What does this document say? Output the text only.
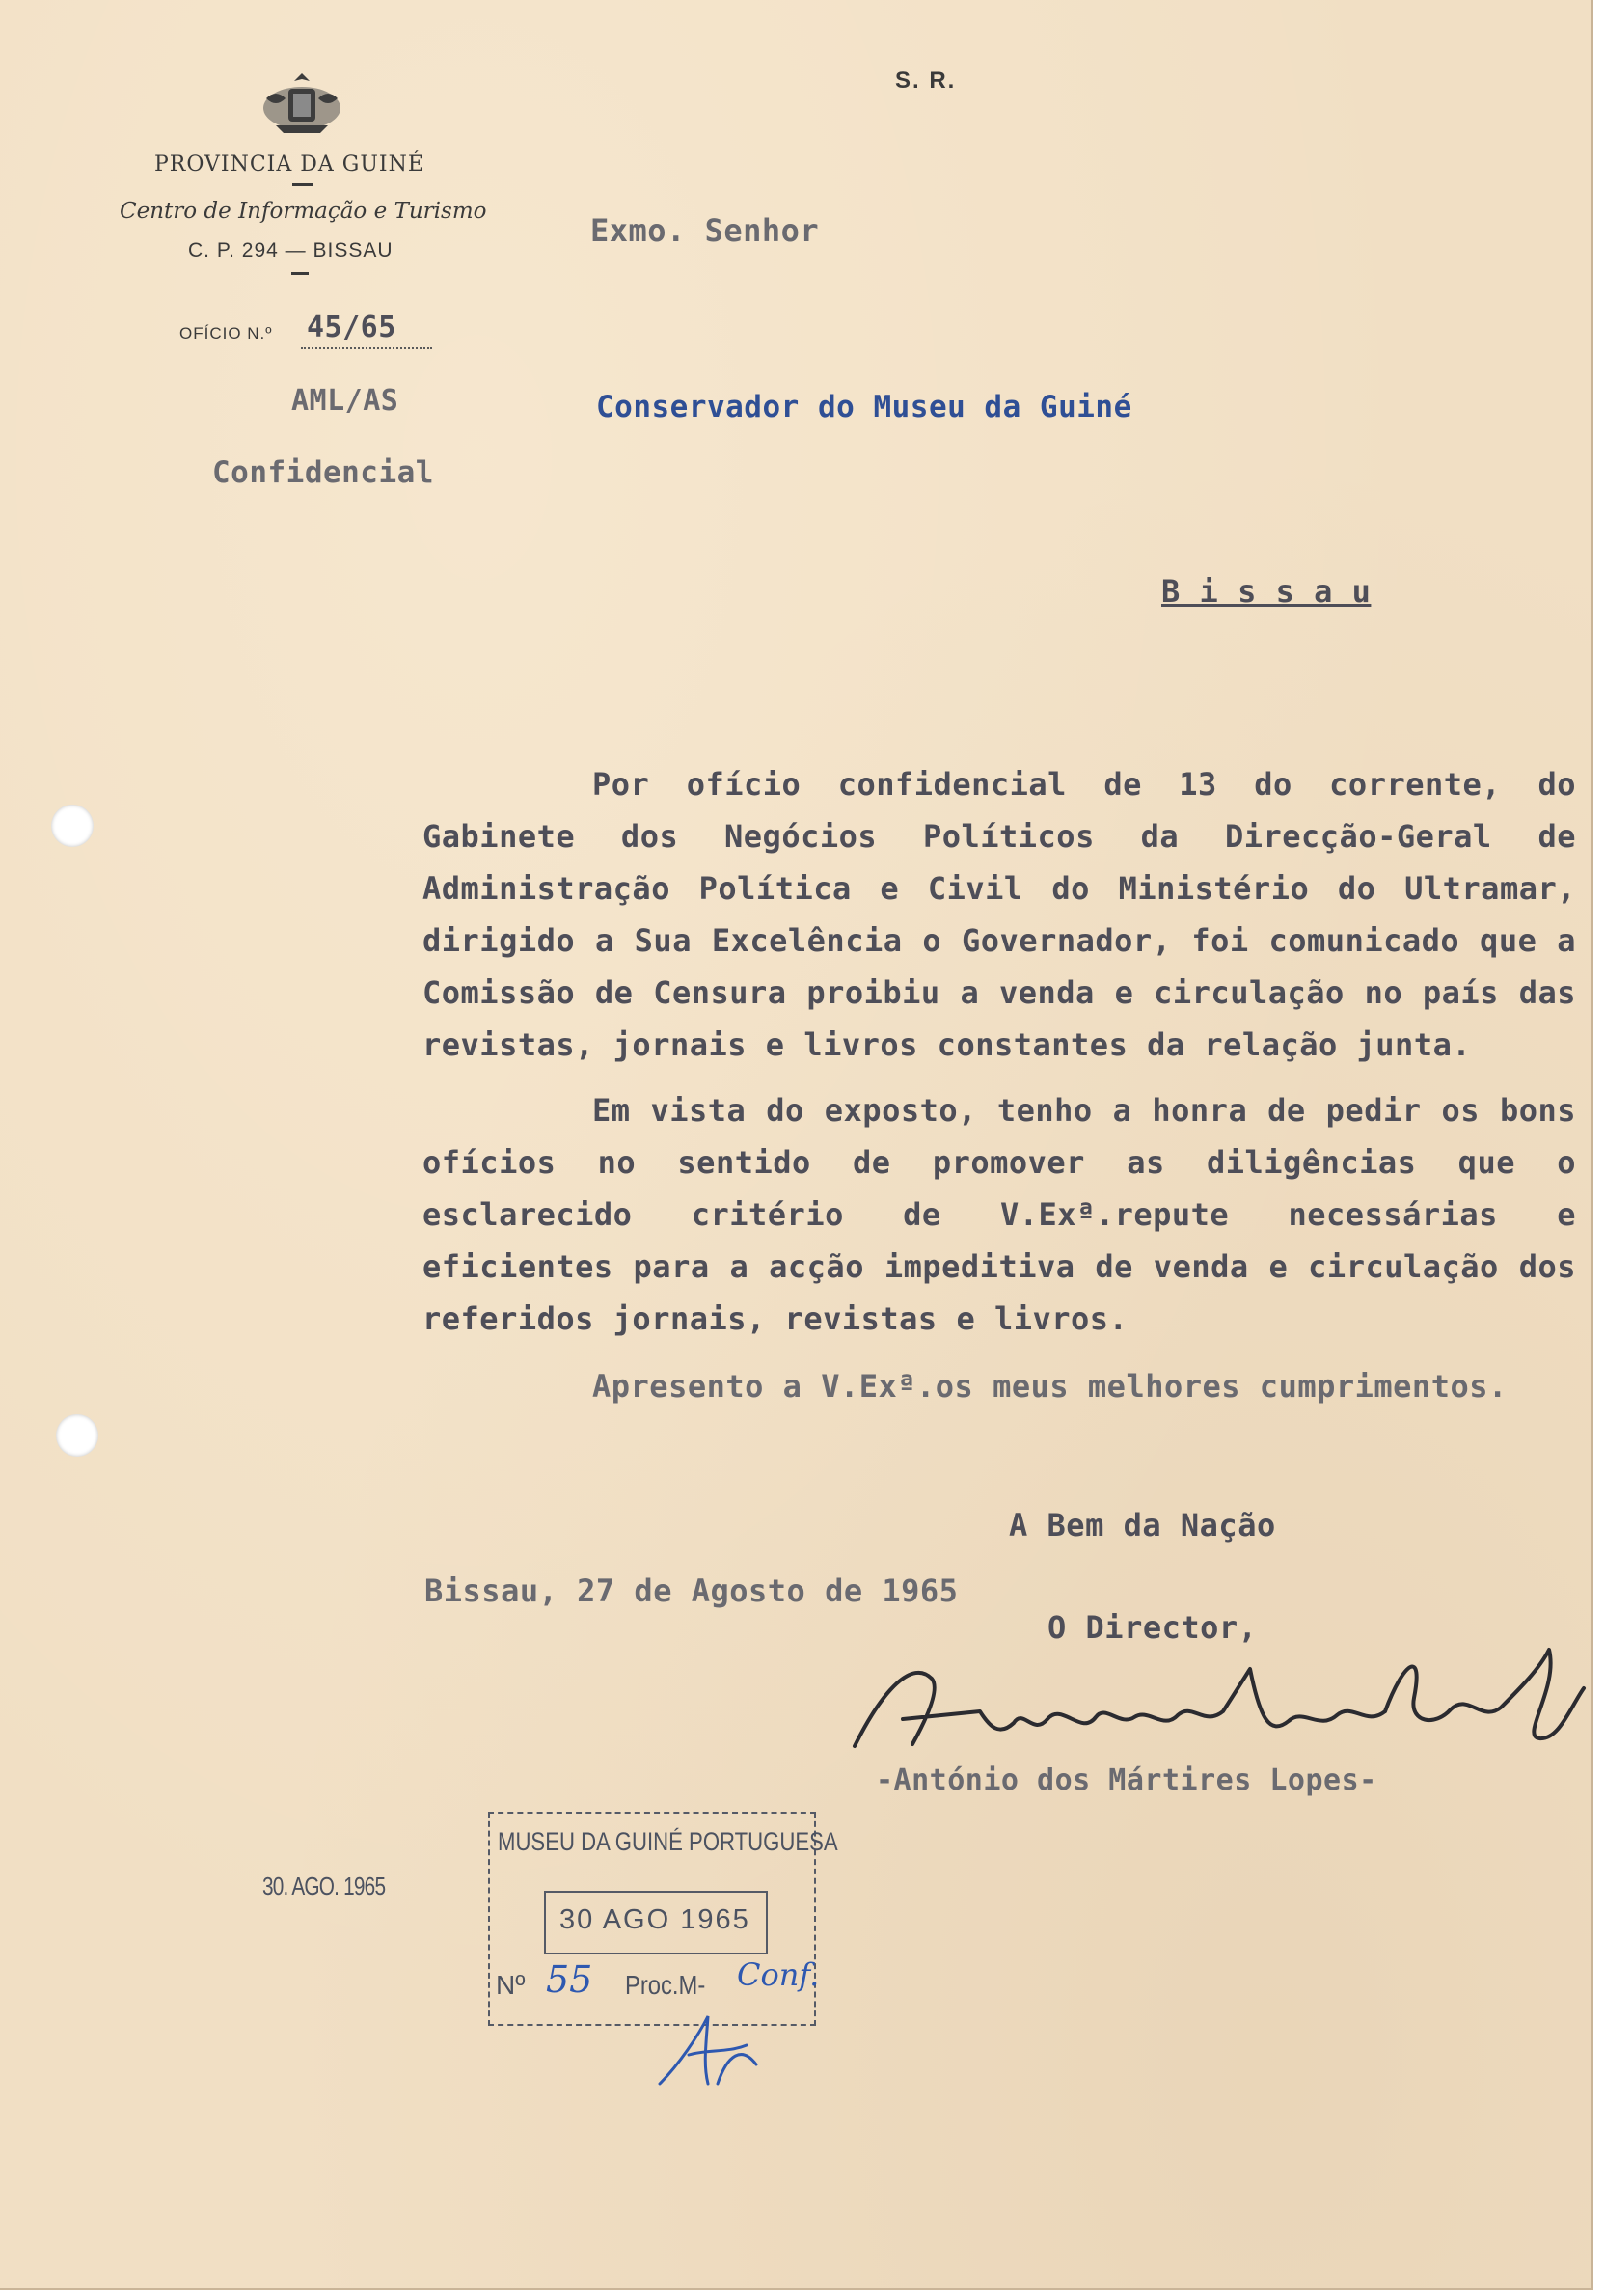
S. R.
PROVINCIA DA GUINÉ
Centro de Informação e Turismo
C. P. 294 — BISSAU
OFÍCIO N.º 45/65
AML/AS
Confidencial
Exmo. Senhor
Conservador do Museu da Guiné
B i s s a u
Por ofício confidencial de 13 do corrente, do Gabinete dos Negócios Políticos da Direcção-Geral de Administração Política e Civil do Ministério do Ultramar, dirigido a Sua Excelência o Governador, foi comunicado que a Comissão de Censura proibiu a venda e circulação no país das revistas, jornais e livros constantes da relação junta.
Em vista do exposto, tenho a honra de pedir os bons ofícios no sentido de promover as diligências que o esclarecido critério de V.Exª.repute necessárias e eficientes para a acção impeditiva de venda e circulação dos referidos jornais, revistas e livros.
Apresento a V.Exª.os meus melhores cumprimentos.
A Bem da Nação
Bissau, 27 de Agosto de 1965
O Director,
-António dos Mártires Lopes-
30. AGO. 1965
MUSEU DA GUINÉ PORTUGUESA
30 AGO 1965
Nº 55 Proc.M- Conf.
